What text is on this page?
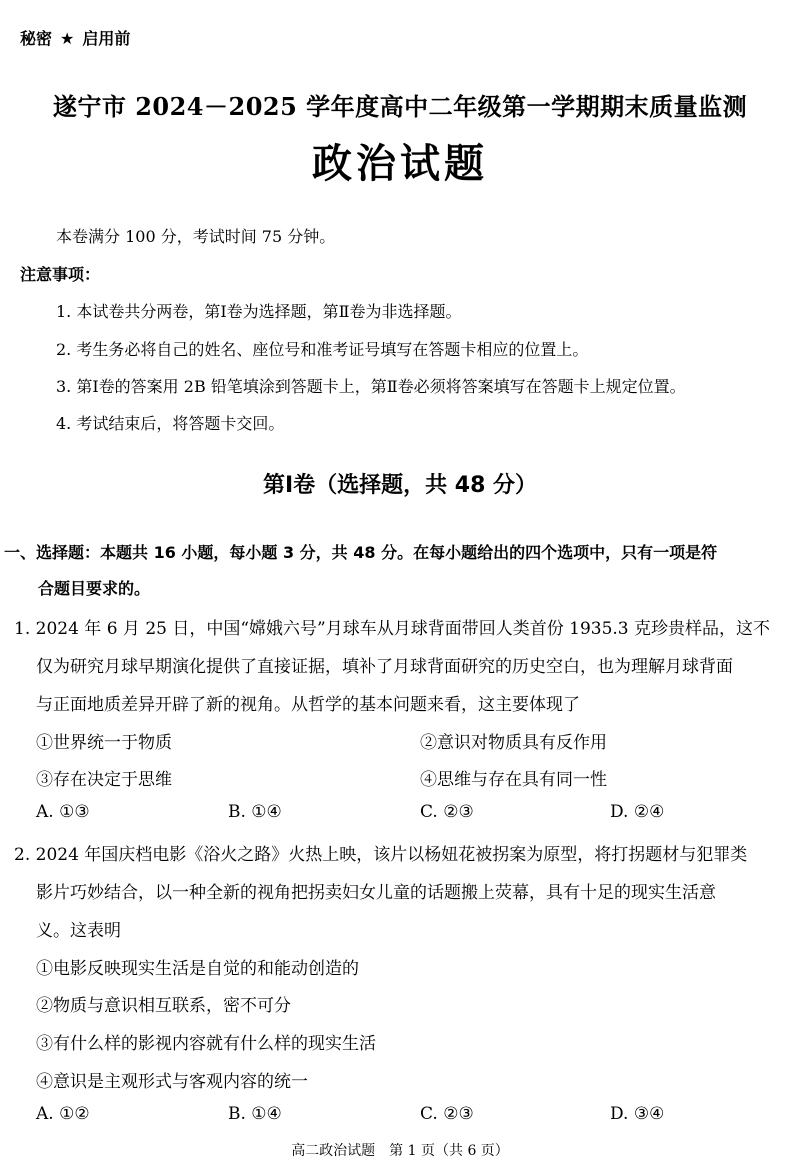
秘密 ★ 启用前
遂宁市 2024－2025 学年度高中二年级第一学期期末质量监测
政治试题
本卷满分 100 分，考试时间 75 分钟。
注意事项：
1. 本试卷共分两卷，第Ⅰ卷为选择题，第Ⅱ卷为非选择题。
2. 考生务必将自己的姓名、座位号和准考证号填写在答题卡相应的位置上。
3. 第Ⅰ卷的答案用 2B 铅笔填涂到答题卡上，第Ⅱ卷必须将答案填写在答题卡上规定位置。
4. 考试结束后，将答题卡交回。
第Ⅰ卷（选择题，共 48 分）
一、选择题：本题共 16 小题，每小题 3 分，共 48 分。在每小题给出的四个选项中，只有一项是符
合题目要求的。
1. 2024 年 6 月 25 日，中国“嫦娥六号”月球车从月球背面带回人类首份 1935.3 克珍贵样品，这不
仅为研究月球早期演化提供了直接证据，填补了月球背面研究的历史空白，也为理解月球背面
与正面地质差异开辟了新的视角。从哲学的基本问题来看，这主要体现了
①世界统一于物质	②意识对物质具有反作用
③存在决定于思维	④思维与存在具有同一性
A. ①③	B. ①④	C. ②③	D. ②④
2. 2024 年国庆档电影《浴火之路》火热上映，该片以杨妞花被拐案为原型，将打拐题材与犯罪类
影片巧妙结合，以一种全新的视角把拐卖妇女儿童的话题搬上荧幕，具有十足的现实生活意
义。这表明
①电影反映现实生活是自觉的和能动创造的
②物质与意识相互联系，密不可分
③有什么样的影视内容就有什么样的现实生活
④意识是主观形式与客观内容的统一
A. ①②	B. ①④	C. ②③	D. ③④
高二政治试题　第 1 页（共 6 页）
